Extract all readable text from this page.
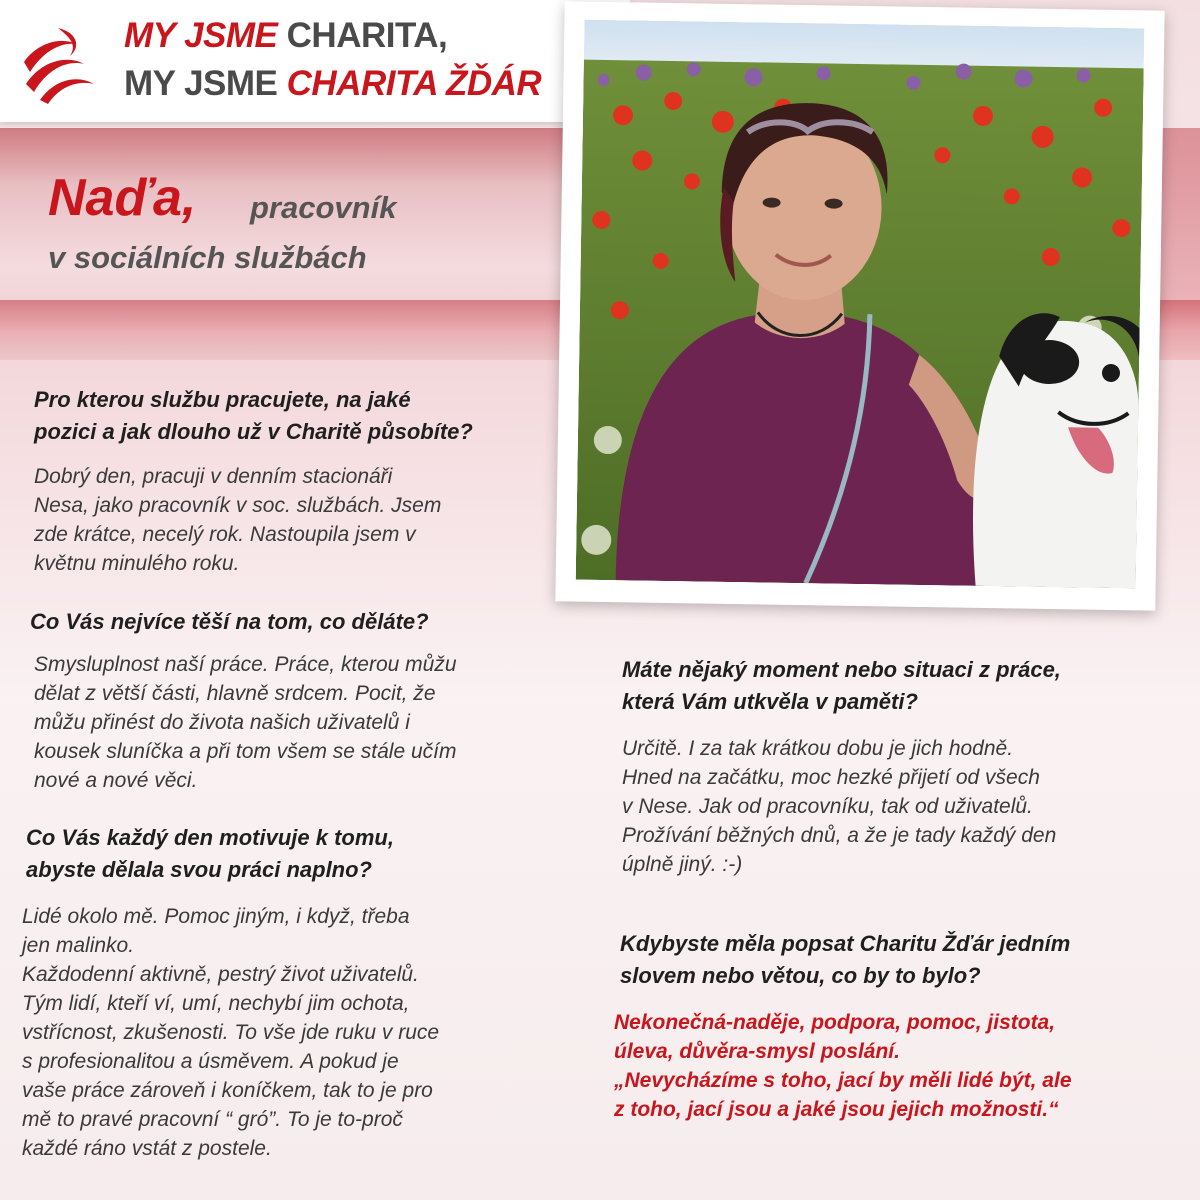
MY JSME CHARITA,
MY JSME CHARITA ŽĎÁR
Naďa, pracovník
v sociálních službách
Pro kterou službu pracujete, na jaké
pozici a jak dlouho už v Charitě působíte?
Dobrý den, pracuji v denním stacionáři
Nesa, jako pracovník v soc. službách. Jsem
zde krátce, necelý rok. Nastoupila jsem v
květnu minulého roku.
Co Vás nejvíce těší na tom, co děláte?
Smysluplnost naší práce. Práce, kterou můžu
dělat z větší části, hlavně srdcem. Pocit, že
můžu přinést do života našich uživatelů i
kousek sluníčka a při tom všem se stále učím
nové a nové věci.
Co Vás každý den motivuje k tomu,
abyste dělala svou práci naplno?
Lidé okolo mě. Pomoc jiným, i když, třeba
jen malinko.
Každodenní aktivně, pestrý život uživatelů.
Tým lidí, kteří ví, umí, nechybí jim ochota,
vstřícnost, zkušenosti. To vše jde ruku v ruce
s profesionalitou a úsměvem. A pokud je
vaše práce zároveň i koníčkem, tak to je pro
mě to pravé pracovní “ gró”. To je to-proč
každé ráno vstát z postele.
Máte nějaký moment nebo situaci z práce,
která Vám utkvěla v paměti?
Určitě. I za tak krátkou dobu je jich hodně.
Hned na začátku, moc hezké přijetí od všech
v Nese. Jak od pracovníku, tak od uživatelů.
Prožívání běžných dnů, a že je tady každý den
úplně jiný. :-)
Kdybyste měla popsat Charitu Žďár jedním
slovem nebo větou, co by to bylo?
Nekonečná-naděje, podpora, pomoc, jistota,
úleva, důvěra-smysl poslání.
„Nevycházíme s toho, jací by měli lidé být, ale
z toho, jací jsou a jaké jsou jejich možnosti.“
